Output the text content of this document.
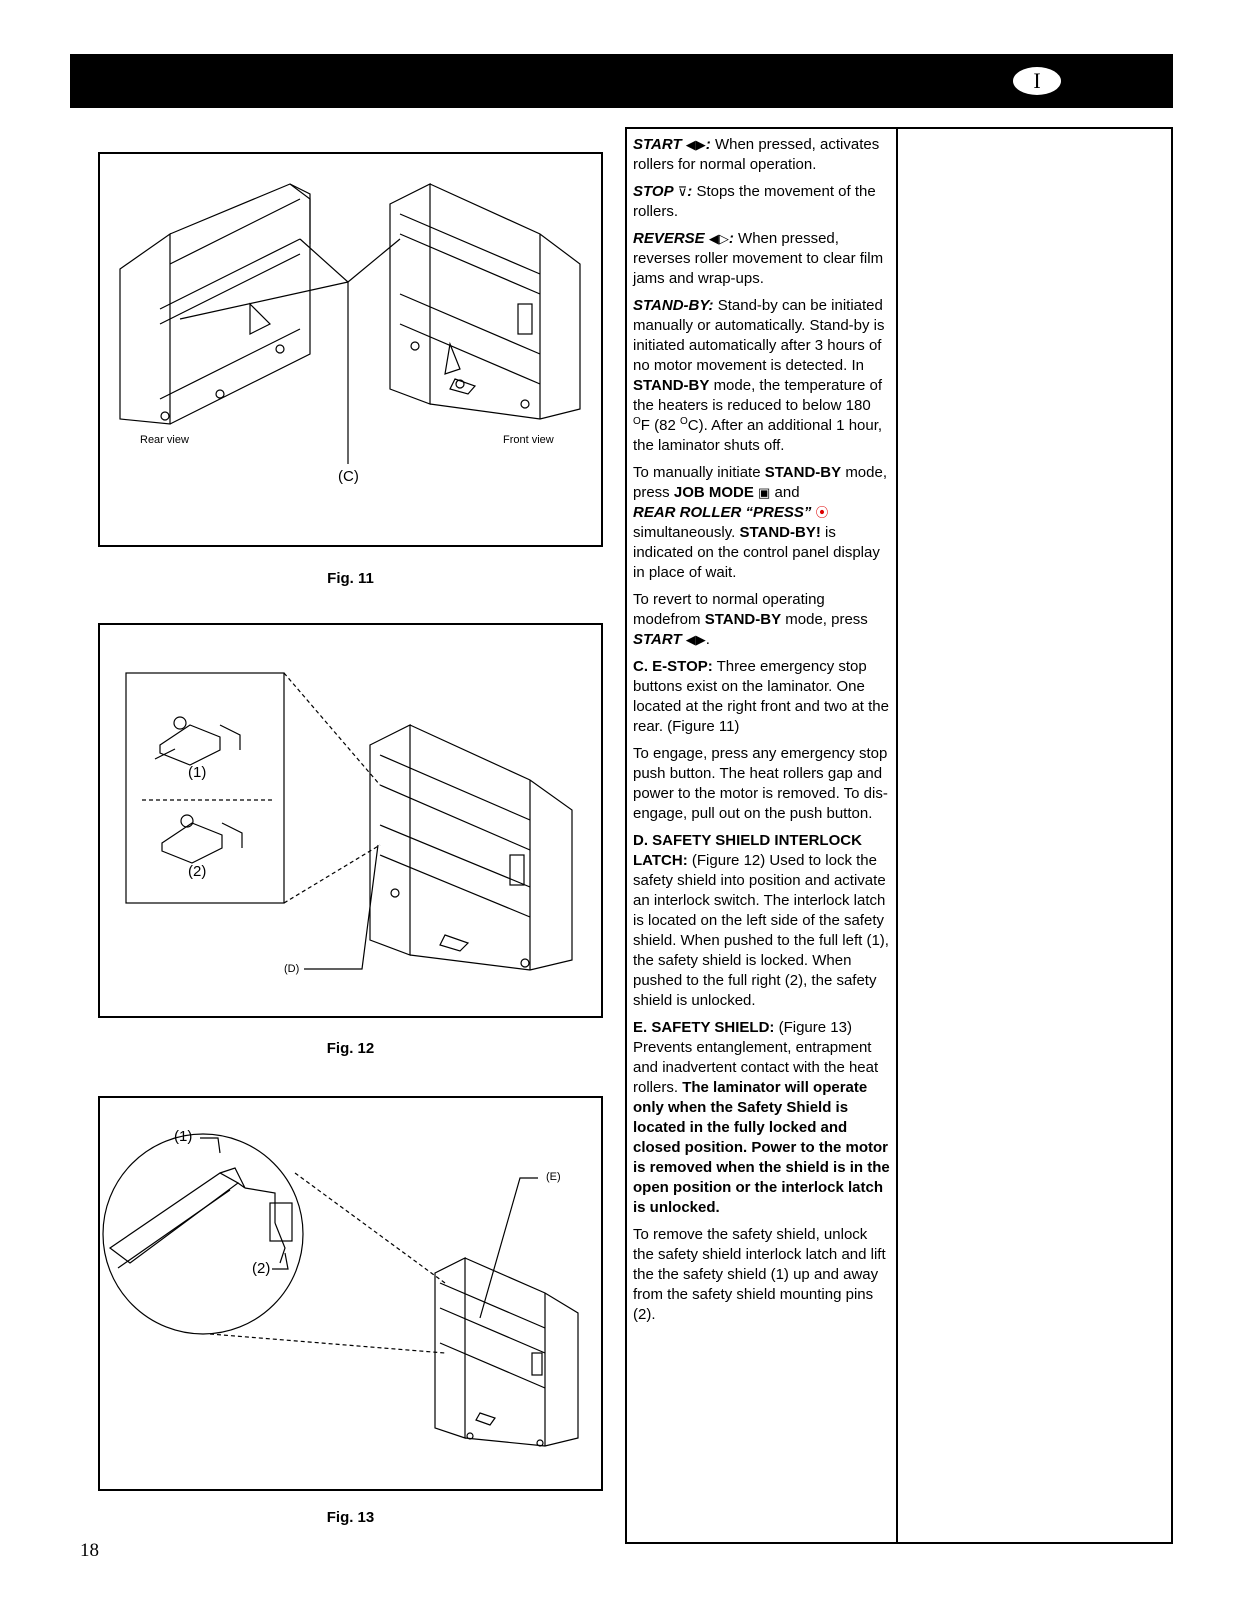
I
Rear view	Front view
(C)
Fig. 11
(1)
(2)
(D)
Fig. 12
(1)
(2)
(E)
Fig. 13
18

START ◀▶: When pressed, activates rollers for normal operation.

STOP ⊽: Stops the movement of the rollers.

REVERSE ◀▷: When pressed, reverses roller movement to clear film jams and wrap-ups.

STAND-BY: Stand-by can be initiated manually or automatically. Stand-by is initiated automatically after 3 hours of no motor movement is detected. In STAND-BY mode, the temperature of the heaters is reduced to below 180 $^O$F (82 $^O$C). After an additional 1 hour, the laminator shuts off.

To manually initiate STAND-BY mode, press JOB MODE ▣ and
REAR ROLLER “PRESS” ⦿
simultaneously. STAND-BY! is indicated on the control panel display in place of wait.

To revert to normal operating modefrom STAND-BY mode, press
START ◀▶.

C. E-STOP: Three emergency stop buttons exist on the laminator. One located at the right front and two at the rear. (Figure 11)

To engage, press any emergency stop push button. The heat rollers gap and power to the motor is removed. To dis-engage, pull out on the push button.

D. SAFETY SHIELD INTERLOCK LATCH: (Figure 12) Used to lock the safety shield into position and activate an interlock switch. The interlock latch is located on the left side of the safety shield. When pushed to the full left (1), the safety shield is locked. When pushed to the full right (2), the safety shield is unlocked.

E. SAFETY SHIELD: (Figure 13) Prevents entanglement, entrapment and inadvertent contact with the heat rollers. The laminator will operate only when the Safety Shield is located in the fully locked and closed position. Power to the motor is removed when the shield is in the open position or the interlock latch is unlocked.

To remove the safety shield, unlock the safety shield interlock latch and lift the the safety shield (1) up and away from the safety shield mounting pins (2).
